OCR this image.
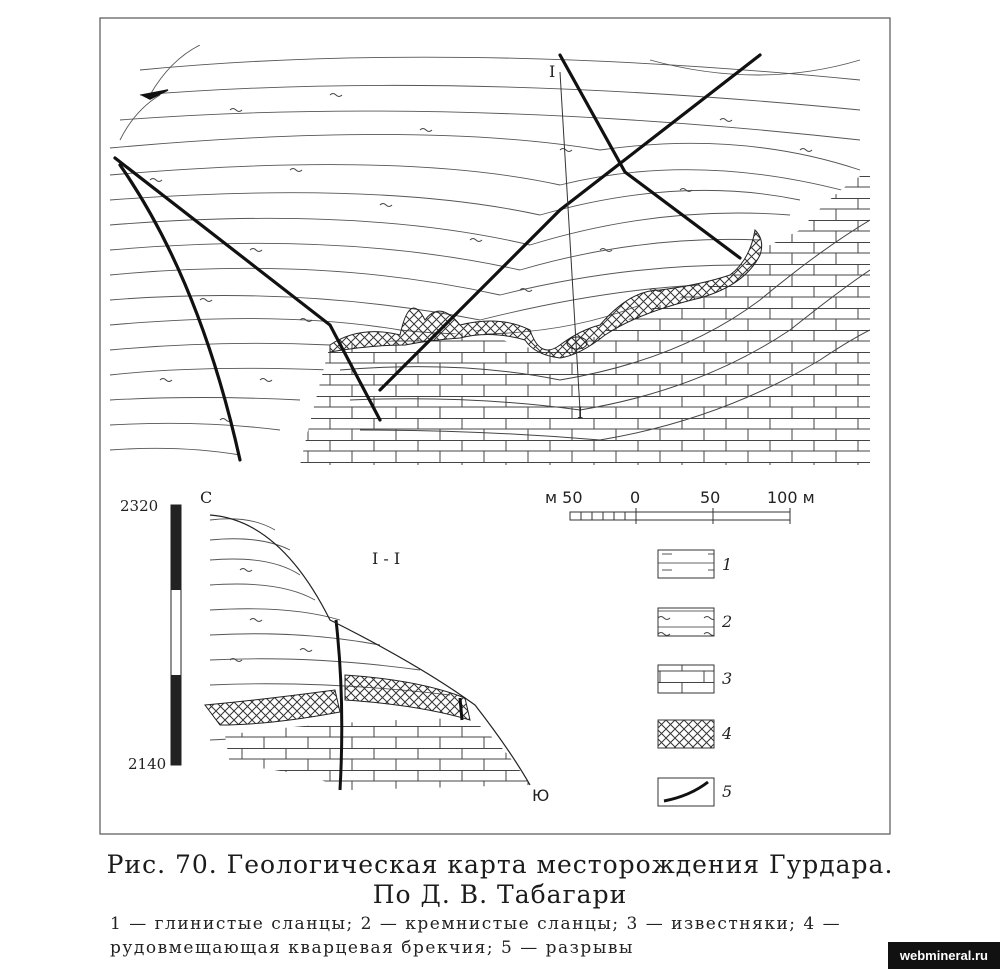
I
I
I - I
С
Ю
2320
2140
м 50	0	50	100 м
1
2
3
4
5
Рис. 70. Геологическая карта месторождения Гурдара.
По Д. В. Табагари
1 — глинистые сланцы; 2 — кремнистые сланцы; 3 — известняки; 4 — рудовмещающая кварцевая брекчия; 5 — разрывы	webmineral.ru
